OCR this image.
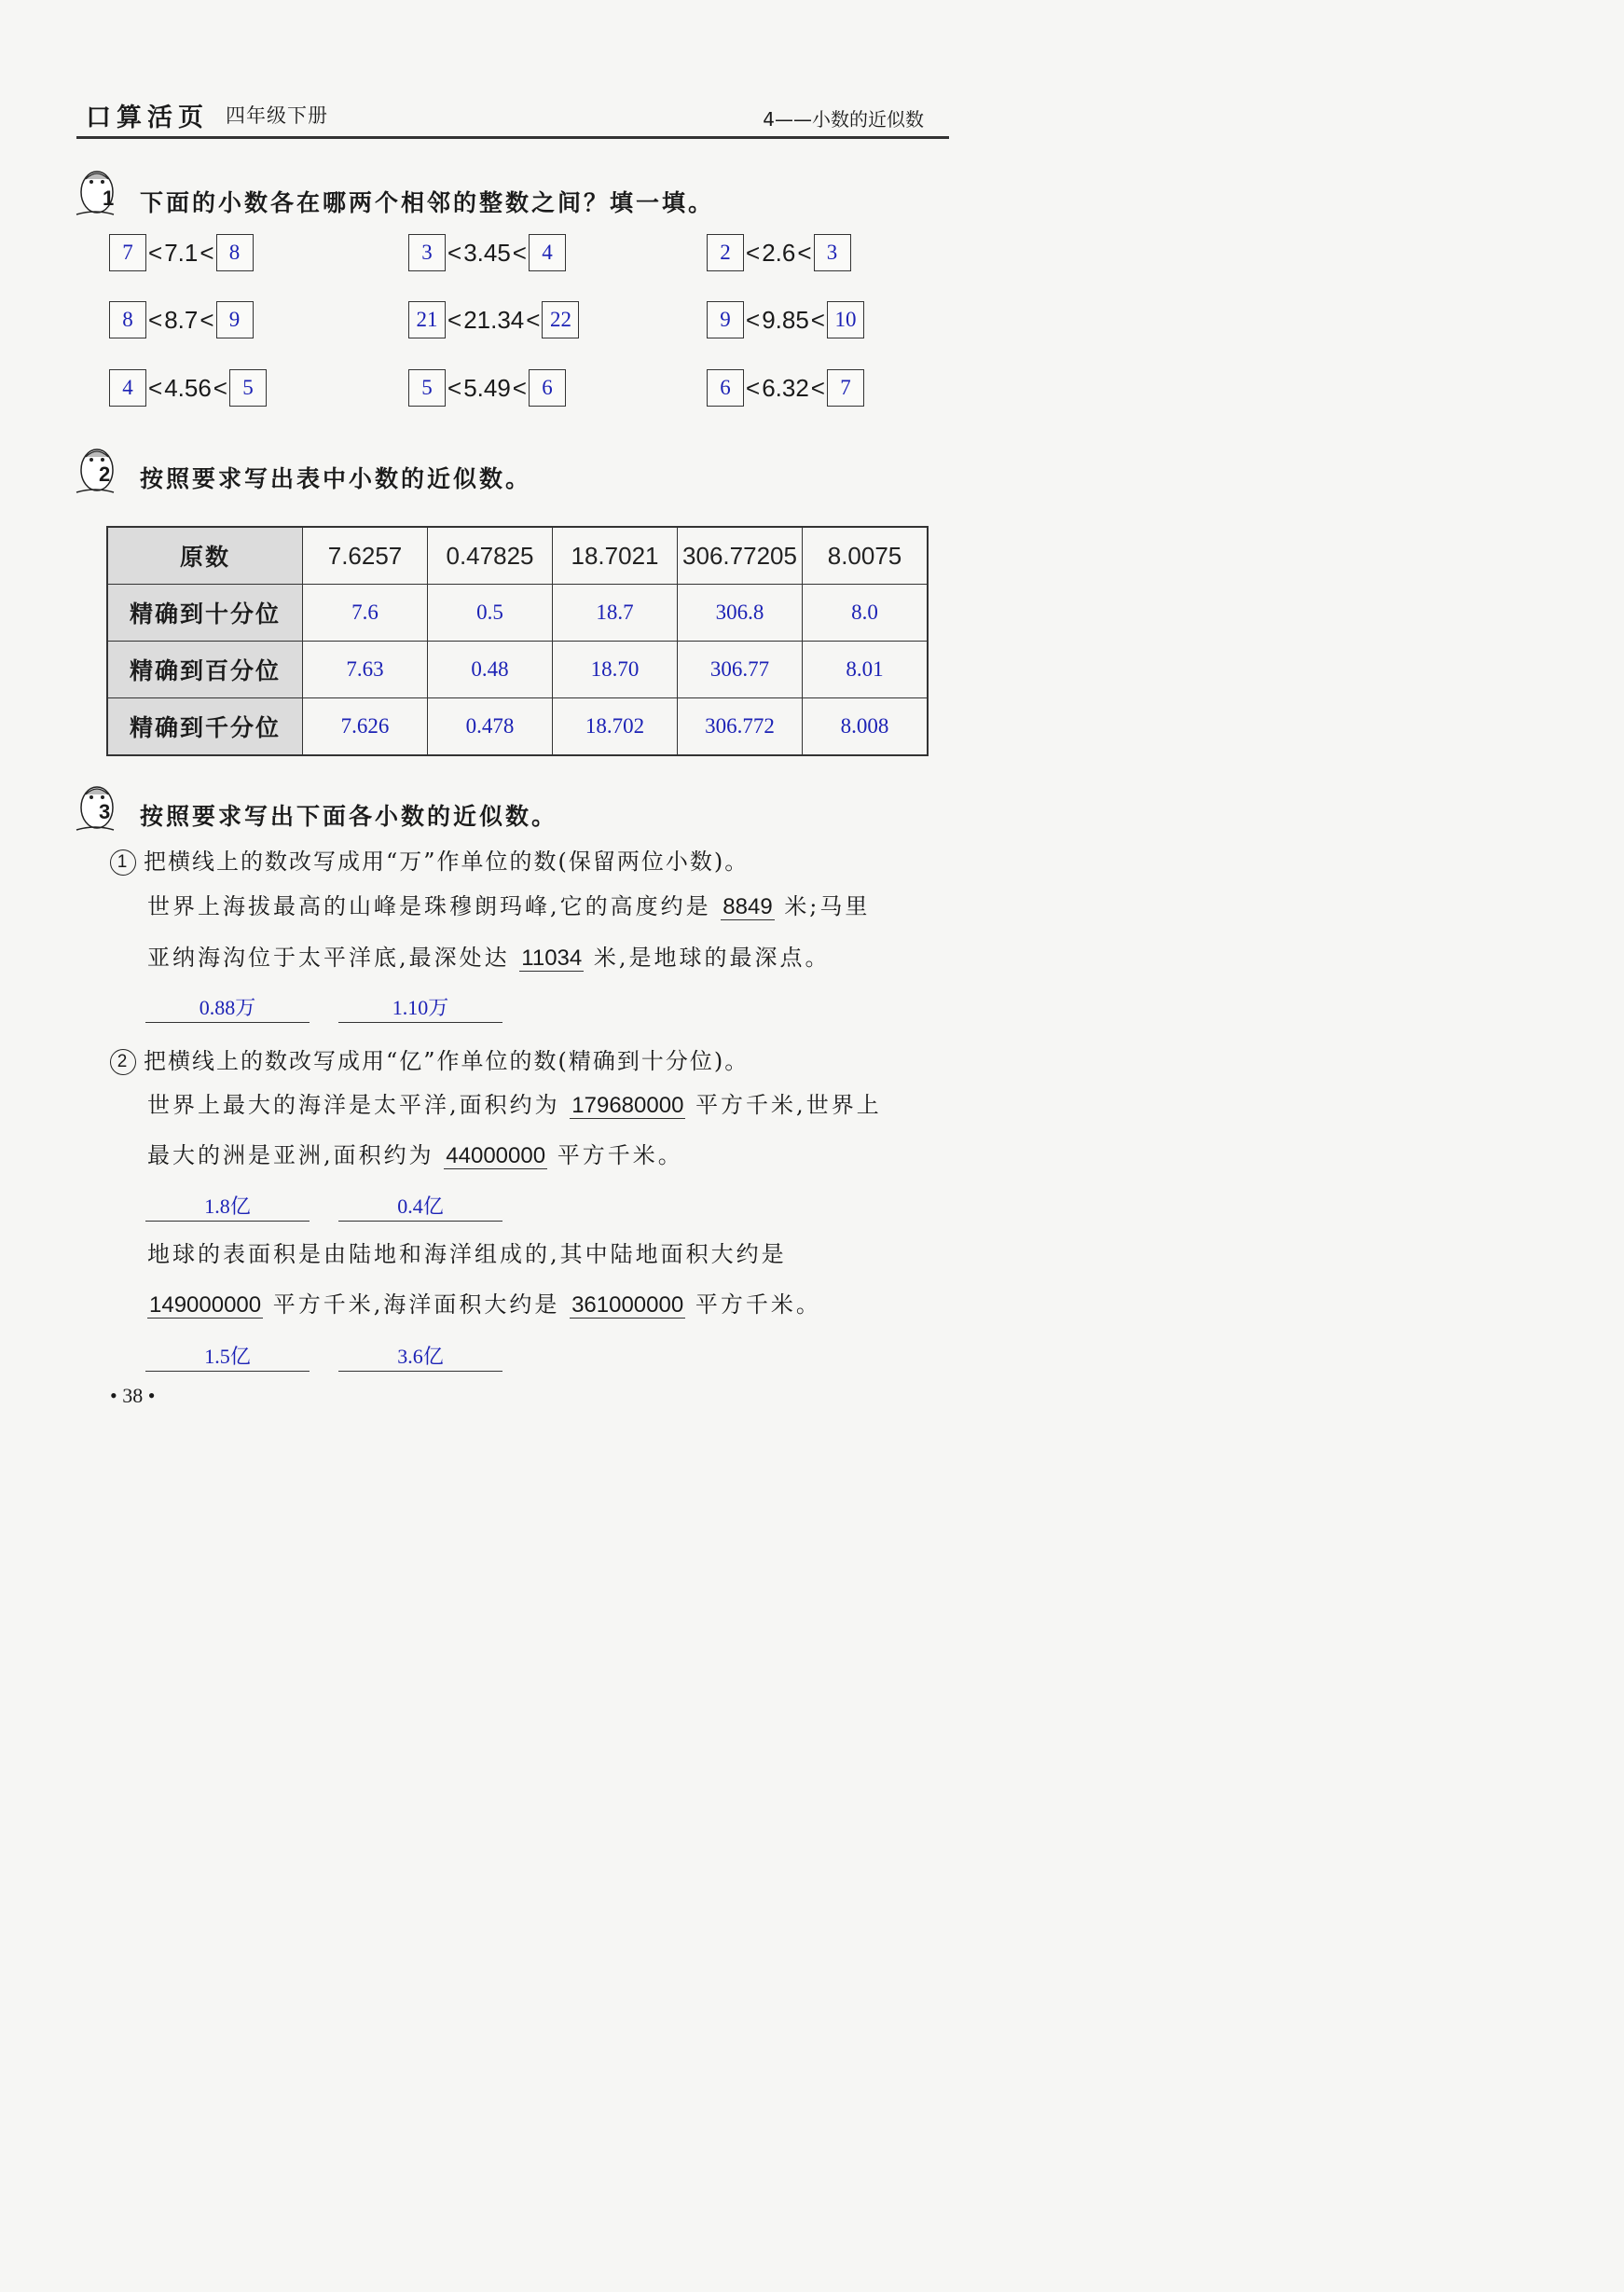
口算活页 四年级下册	4——小数的近似数
1 下面的小数各在哪两个相邻的整数之间？填一填。
7 < 7.1 < 8	3 < 3.45 < 4	2 < 2.6 < 3
8 < 8.7 < 9	21 < 21.34 < 22	9 < 9.85 < 10
4 < 4.56 < 5	5 < 5.49 < 6	6 < 6.32 < 7
2 按照要求写出表中小数的近似数。
原数	7.6257	0.47825	18.7021	306.77205	8.0075
精确到十分位	7.6	0.5	18.7	306.8	8.0
精确到百分位	7.63	0.48	18.70	306.77	8.01
精确到千分位	7.626	0.478	18.702	306.772	8.008
3 按照要求写出下面各小数的近似数。
1 把横线上的数改写成用“万”作单位的数(保留两位小数)。
世界上海拔最高的山峰是珠穆朗玛峰,它的高度约是 8849 米;马里
亚纳海沟位于太平洋底,最深处达 11034 米,是地球的最深点。
0.88万	1.10万
2 把横线上的数改写成用“亿”作单位的数(精确到十分位)。
世界上最大的海洋是太平洋,面积约为 179680000 平方千米,世界上
最大的洲是亚洲,面积约为 44000000 平方千米。
1.8亿	0.4亿
地球的表面积是由陆地和海洋组成的,其中陆地面积大约是
149000000 平方千米,海洋面积大约是 361000000 平方千米。
1.5亿	3.6亿
• 38 •
